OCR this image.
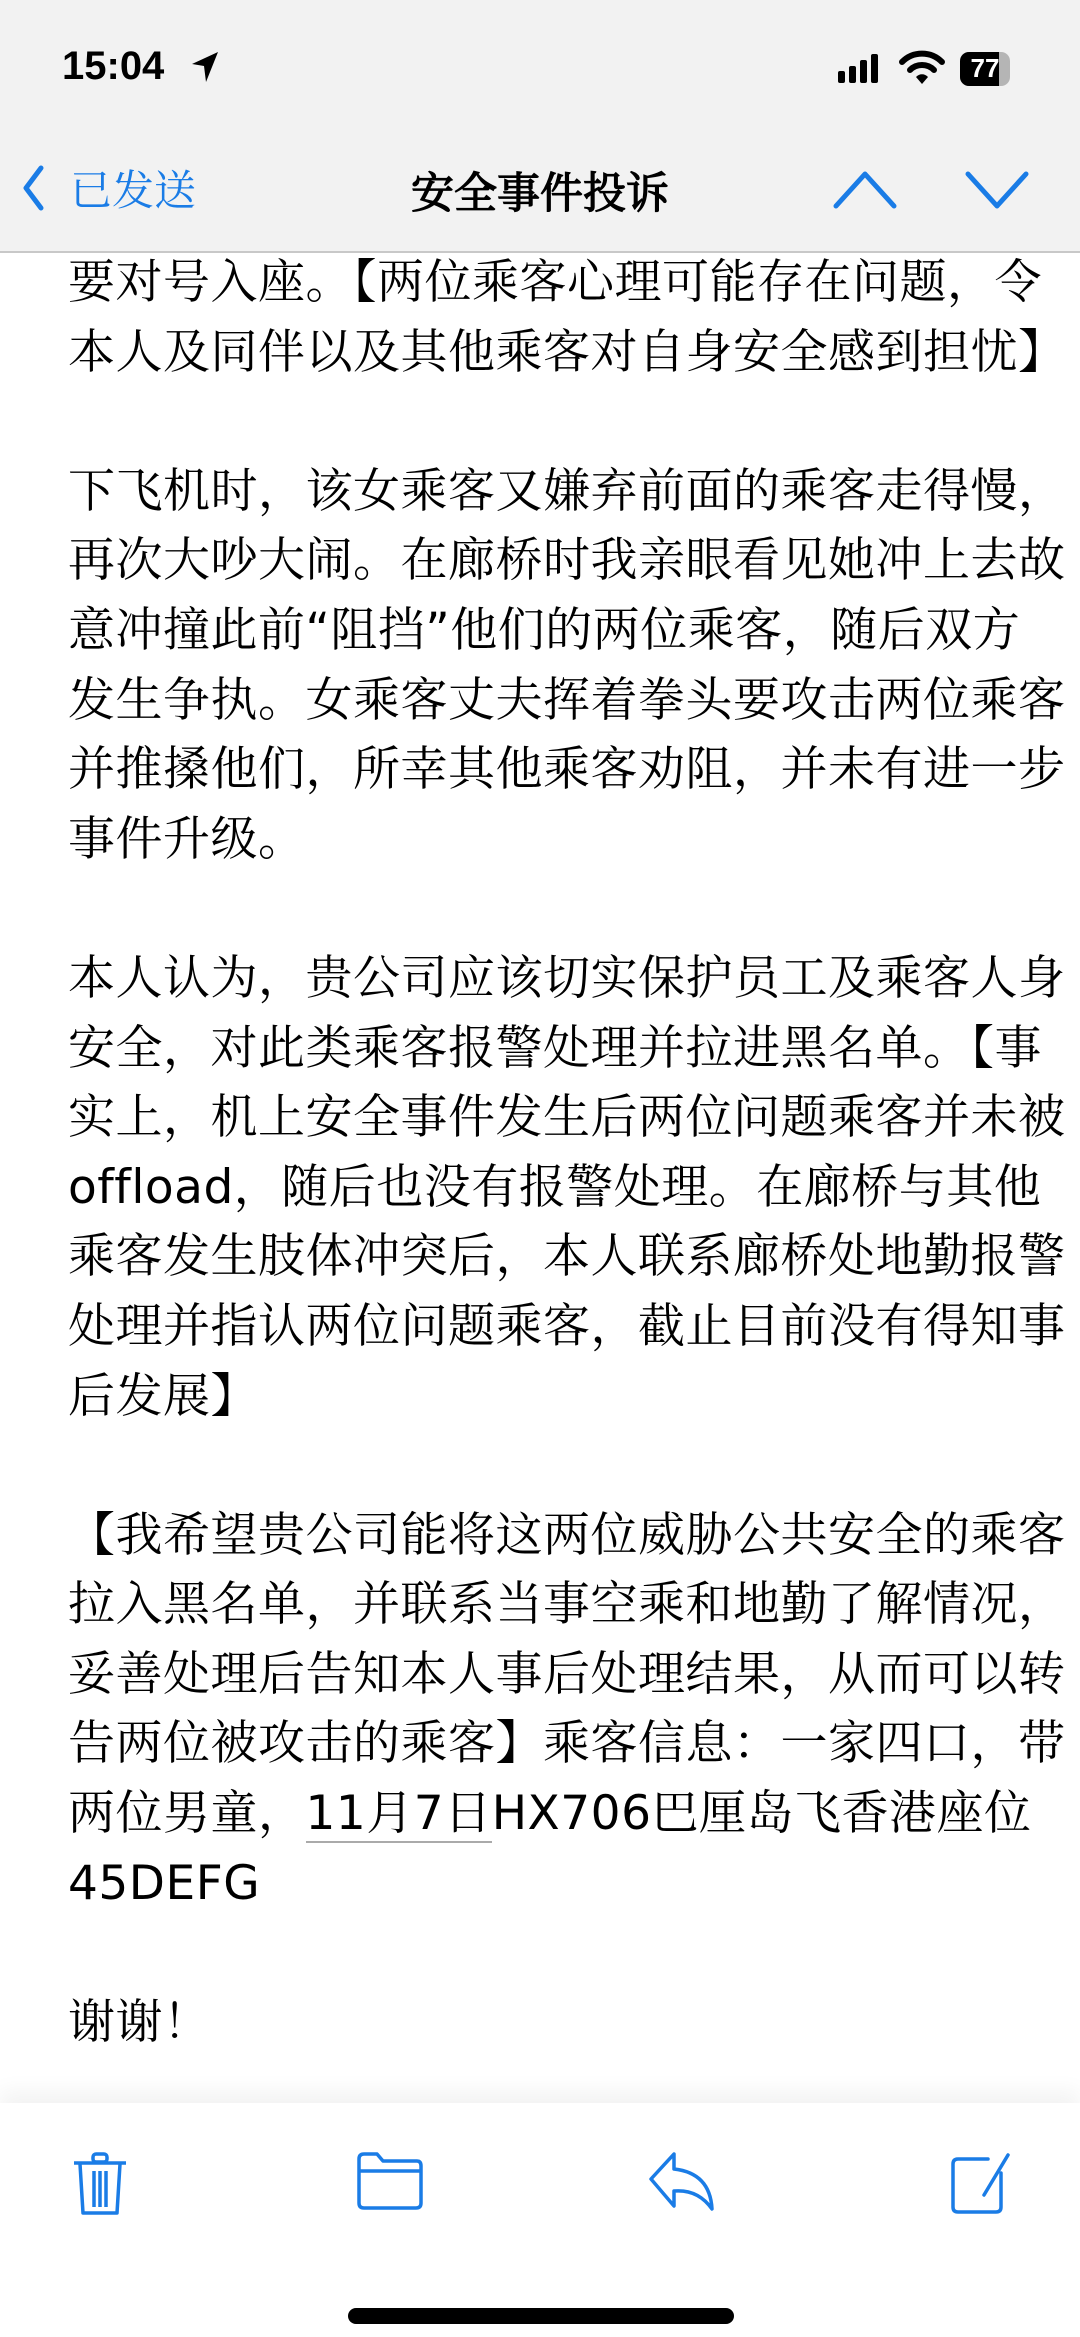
15:04	77
已发送	安全事件投诉
要对号入座。【两位乘客心理可能存在问题，令
本人及同伴以及其他乘客对自身安全感到担忧】
下飞机时，该女乘客又嫌弃前面的乘客走得慢，
再次大吵大闹。在廊桥时我亲眼看见她冲上去故
意冲撞此前“阻挡”他们的两位乘客，随后双方
发生争执。女乘客丈夫挥着拳头要攻击两位乘客
并推搡他们，所幸其他乘客劝阻，并未有进一步
事件升级。
本人认为，贵公司应该切实保护员工及乘客人身
安全，对此类乘客报警处理并拉进黑名单。【事
实上，机上安全事件发生后两位问题乘客并未被
offload，随后也没有报警处理。在廊桥与其他
乘客发生肢体冲突后，本人联系廊桥处地勤报警
处理并指认两位问题乘客，截止目前没有得知事
后发展】
【我希望贵公司能将这两位威胁公共安全的乘客
拉入黑名单，并联系当事空乘和地勤了解情况，
妥善处理后告知本人事后处理结果，从而可以转
告两位被攻击的乘客】乘客信息：一家四口，带
两位男童，11月7日HX706巴厘岛飞香港座位
45DEFG
谢谢！
